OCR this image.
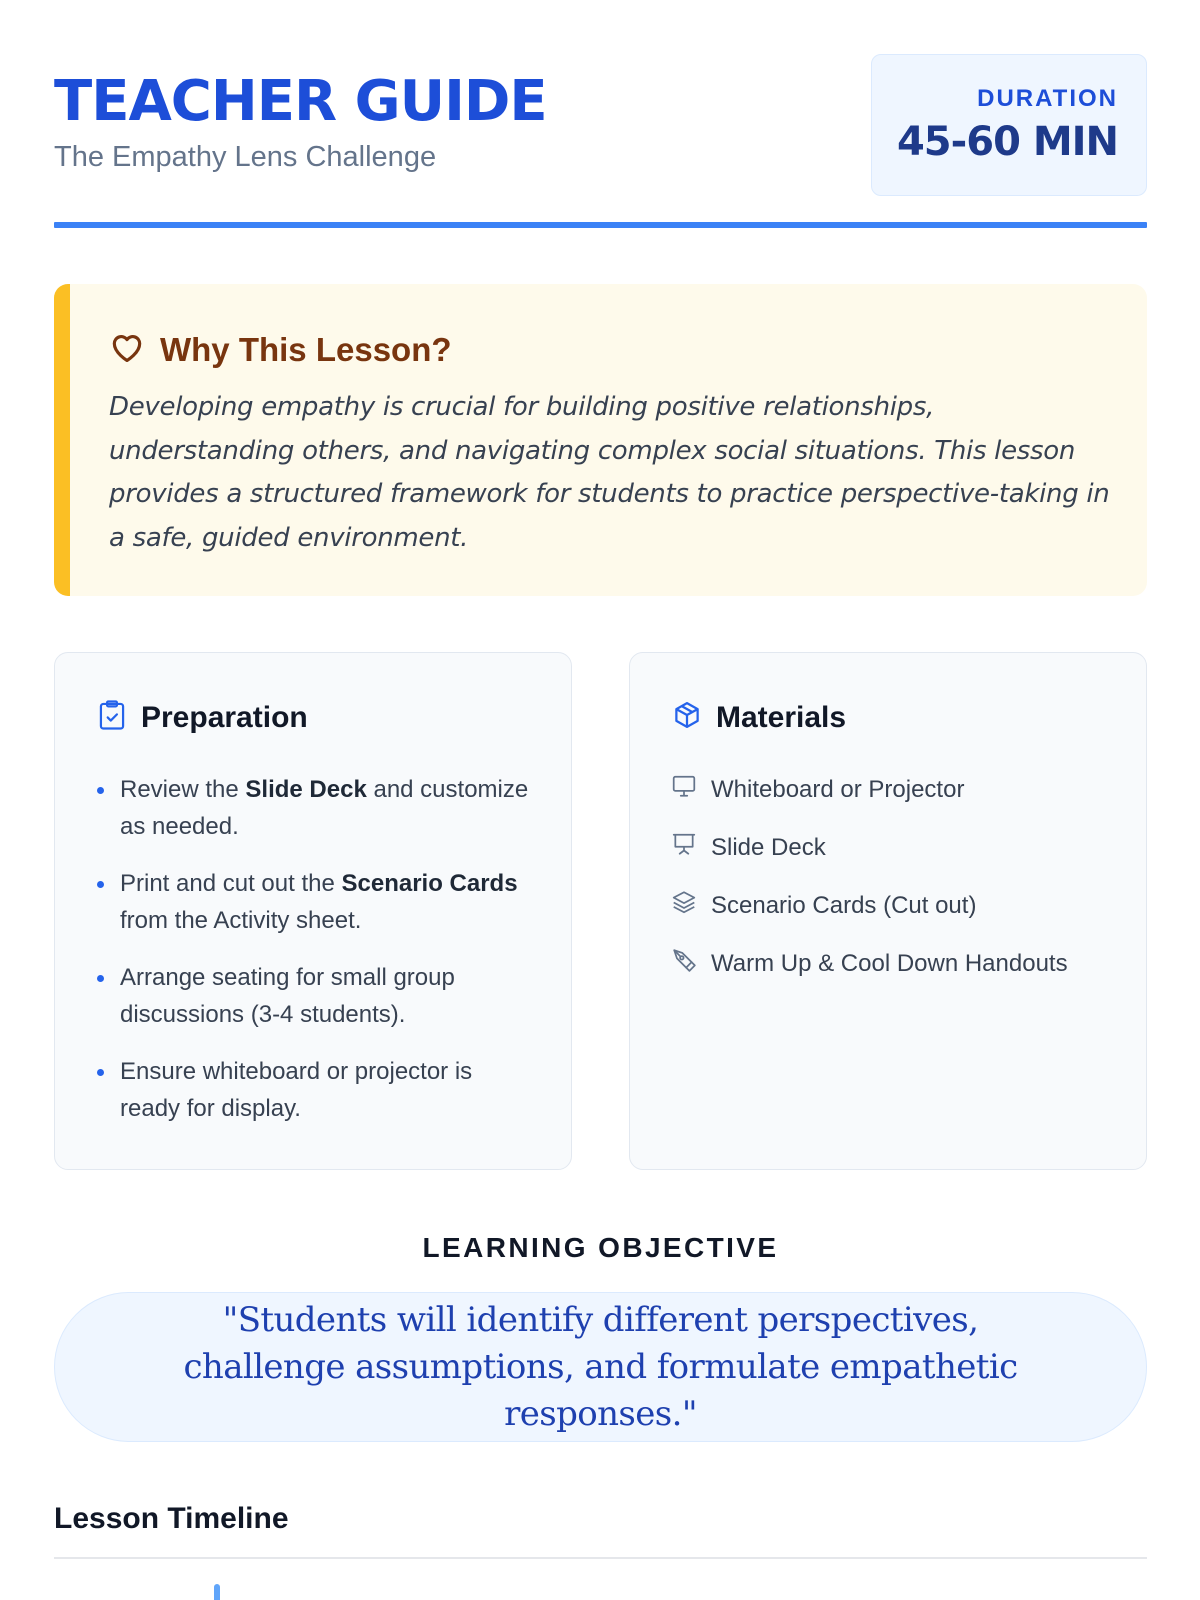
TEACHER GUIDE
The Empathy Lens Challenge
DURATION
45-60 MIN
Why This Lesson?

Developing empathy is crucial for building positive relationships, understanding others, and navigating complex social situations. This lesson provides a structured framework for students to practice perspective-taking in a safe, guided environment.

Preparation
Review the Slide Deck and customize as needed.
Print and cut out the Scenario Cards from the Activity sheet.
Arrange seating for small group discussions (3-4 students).
Ensure whiteboard or projector is ready for display.
Materials
Whiteboard or Projector
Slide Deck
Scenario Cards (Cut out)
Warm Up & Cool Down Handouts
LEARNING OBJECTIVE

"Students will identify different perspectives, challenge assumptions, and formulate empathetic responses."

Lesson Timeline
